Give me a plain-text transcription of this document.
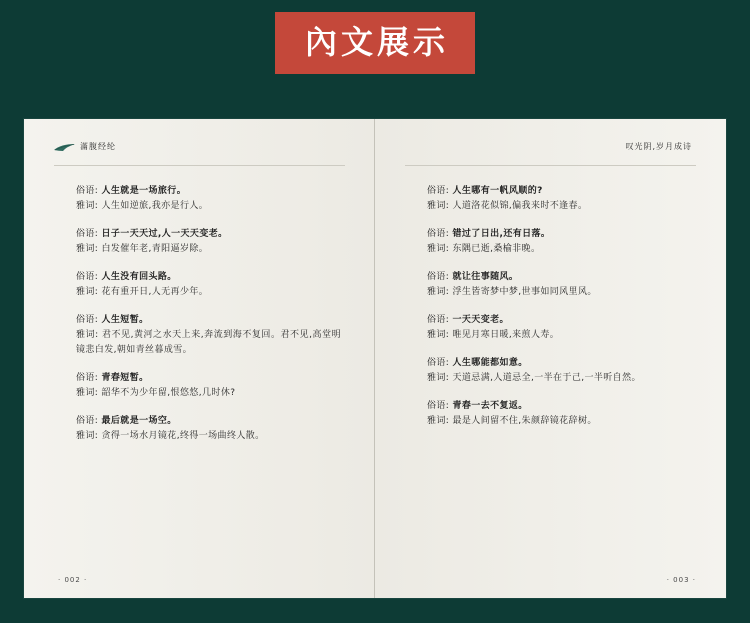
內文展示
滿腹经纶
俗语: 人生就是一场旅行。
雅词: 人生如逆旅,我亦是行人。
俗语: 日子一天天过,人一天天变老。
雅词: 白发催年老,青阳逼岁除。
俗语: 人生没有回头路。
雅词: 花有重开日,人无再少年。
俗语: 人生短暂。
雅词: 君不见,黄河之水天上来,奔流到海不复回。君不见,高堂明镜悲白发,朝如青丝暮成雪。
俗语: 青春短暂。
雅词: 韶华不为少年留,恨悠悠,几时休?
俗语: 最后就是一场空。
雅词: 贪得一场水月镜花,终得一场曲终人散。
· 002 ·
叹光阴,岁月成诗
俗语: 人生哪有一帆风顺的?
雅词: 人道洛花似锦,偏我来时不逢春。
俗语: 错过了日出,还有日落。
雅词: 东隅已逝,桑榆非晚。
俗语: 就让往事随风。
雅词: 浮生皆寄梦中梦,世事如同风里风。
俗语: 一天天变老。
雅词: 唯见月寒日暖,来煎人寿。
俗语: 人生哪能都如意。
雅词: 天道忌满,人道忌全,一半在于己,一半听自然。
俗语: 青春一去不复返。
雅词: 最是人间留不住,朱颜辞镜花辞树。
· 003 ·
